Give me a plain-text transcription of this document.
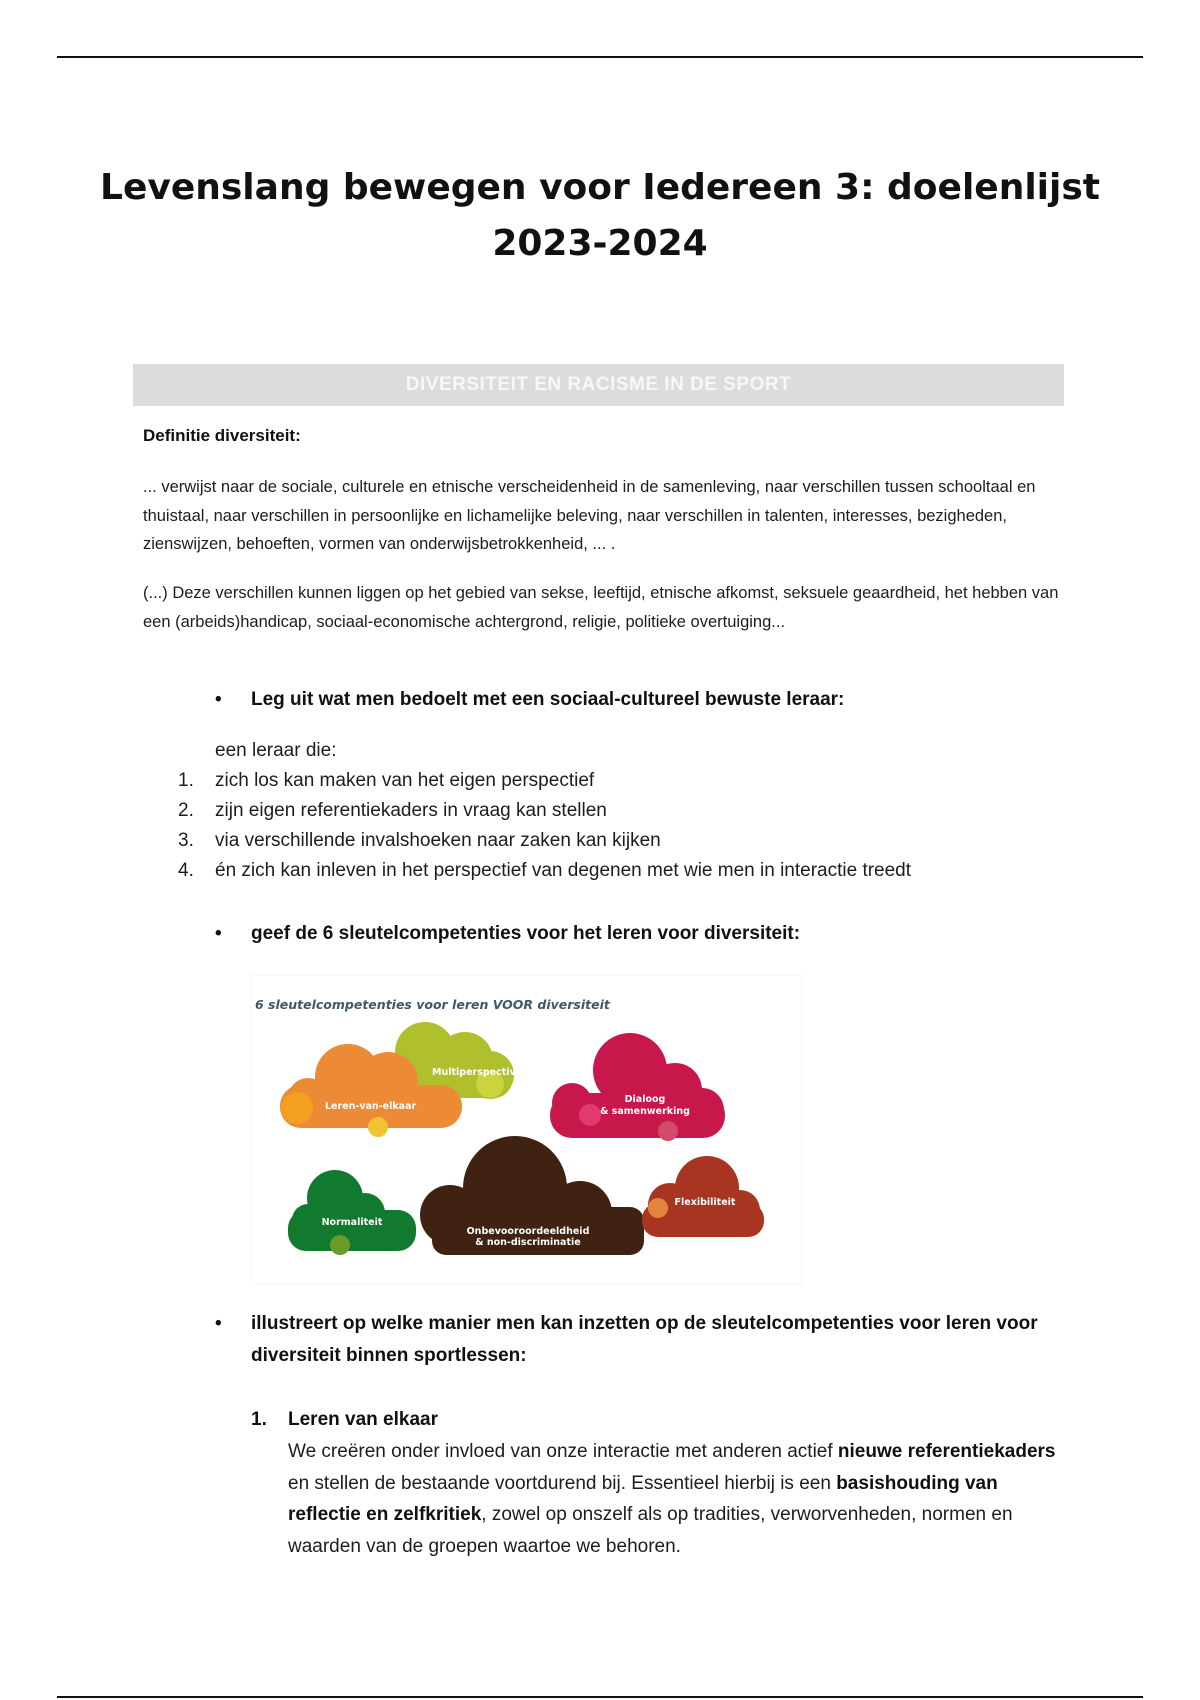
Levenslang bewegen voor Iedereen 3: doelenlijst 2023-2024
DIVERSITEIT EN RACISME IN DE SPORT
Definitie diversiteit:

... verwijst naar de sociale, culturele en etnische verscheidenheid in de samenleving, naar verschillen tussen schooltaal en thuistaal, naar verschillen in persoonlijke en lichamelijke beleving, naar verschillen in talenten, interesses, bezigheden, zienswijzen, behoeften, vormen van onderwijsbetrokkenheid, ... .

(...) Deze verschillen kunnen liggen op het gebied van sekse, leeftijd, etnische afkomst, seksuele geaardheid, het hebben van een (arbeids)handicap, sociaal-economische achtergrond, religie, politieke overtuiging...

• Leg uit wat men bedoelt met een sociaal-cultureel bewuste leraar:
een leraar die:
1.	zich los kan maken van het eigen perspectief
2.	zijn eigen referentiekaders in vraag kan stellen
3.	via verschillende invalshoeken naar zaken kan kijken
4.	én zich kan inleven in het perspectief van degenen met wie men in interactie treedt
• geef de 6 sleutelcompetenties voor het leren voor diversiteit:
6 sleutelcompetenties voor leren VOOR diversiteit
Multiperspectiviteit
Leren-van-elkaar
Dialoog
& samenwerking
Normaliteit
Onbevooroordeeldheid
& non-discriminatie
Flexibiliteit
• illustreert op welke manier men kan inzetten op de sleutelcompetenties voor leren voor diversiteit binnen sportlessen:
1. Leren van elkaar
We creëren onder invloed van onze interactie met anderen actief nieuwe referentiekaders en stellen de bestaande voortdurend bij. Essentieel hierbij is een basishouding van reflectie en zelfkritiek, zowel op onszelf als op tradities, verworvenheden, normen en waarden van de groepen waartoe we behoren.
